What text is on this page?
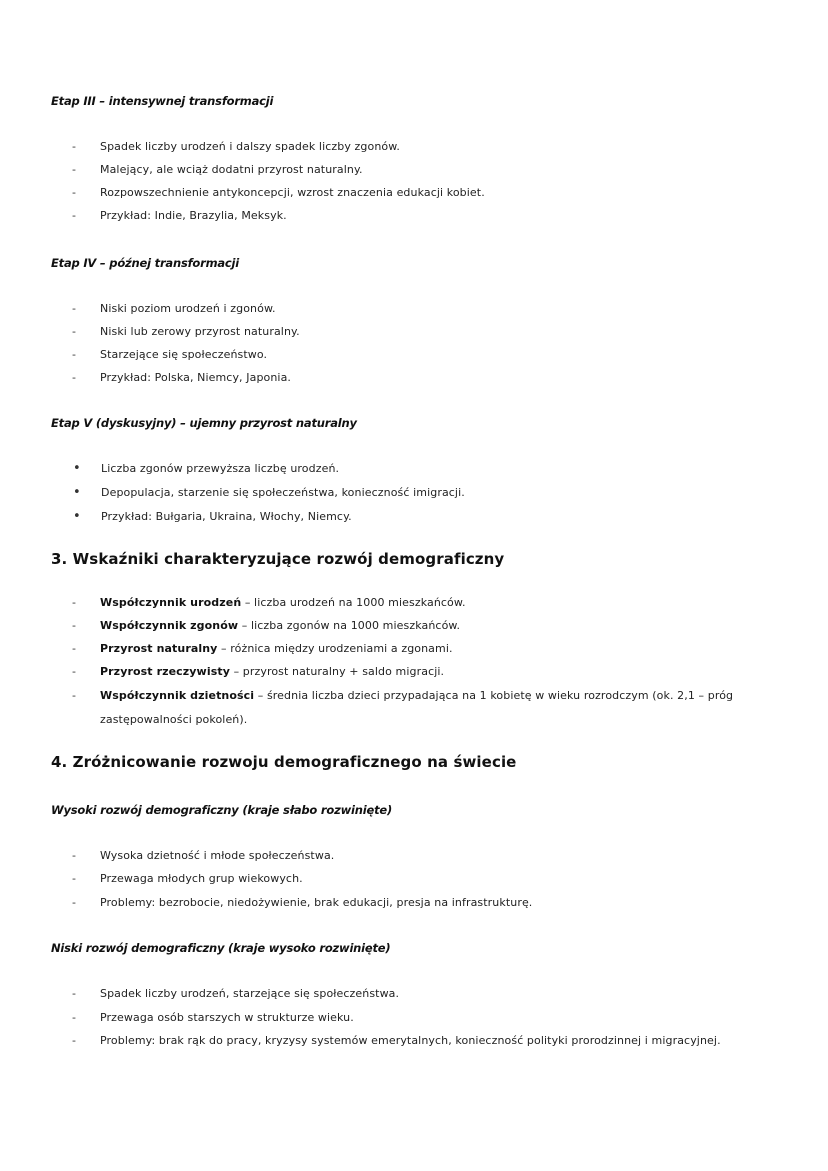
Etap III – intensywnej transformacji
- Spadek liczby urodzeń i dalszy spadek liczby zgonów.
- Malejący, ale wciąż dodatni przyrost naturalny.
- Rozpowszechnienie antykoncepcji, wzrost znaczenia edukacji kobiet.
- Przykład: Indie, Brazylia, Meksyk.
Etap IV – późnej transformacji
- Niski poziom urodzeń i zgonów.
- Niski lub zerowy przyrost naturalny.
- Starzejące się społeczeństwo.
- Przykład: Polska, Niemcy, Japonia.
Etap V (dyskusyjny) – ujemny przyrost naturalny
• Liczba zgonów przewyższa liczbę urodzeń.
• Depopulacja, starzenie się społeczeństwa, konieczność imigracji.
• Przykład: Bułgaria, Ukraina, Włochy, Niemcy.
3. Wskaźniki charakteryzujące rozwój demograficzny
- Współczynnik urodzeń – liczba urodzeń na 1000 mieszkańców.
- Współczynnik zgonów – liczba zgonów na 1000 mieszkańców.
- Przyrost naturalny – różnica między urodzeniami a zgonami.
- Przyrost rzeczywisty – przyrost naturalny + saldo migracji.
- Współczynnik dzietności – średnia liczba dzieci przypadająca na 1 kobietę w wieku rozrodczym (ok. 2,1 – próg
zastępowalności pokoleń).
4. Zróżnicowanie rozwoju demograficznego na świecie
Wysoki rozwój demograficzny (kraje słabo rozwinięte)
- Wysoka dzietność i młode społeczeństwa.
- Przewaga młodych grup wiekowych.
- Problemy: bezrobocie, niedożywienie, brak edukacji, presja na infrastrukturę.
Niski rozwój demograficzny (kraje wysoko rozwinięte)
- Spadek liczby urodzeń, starzejące się społeczeństwa.
- Przewaga osób starszych w strukturze wieku.
- Problemy: brak rąk do pracy, kryzysy systemów emerytalnych, konieczność polityki prorodzinnej i migracyjnej.
